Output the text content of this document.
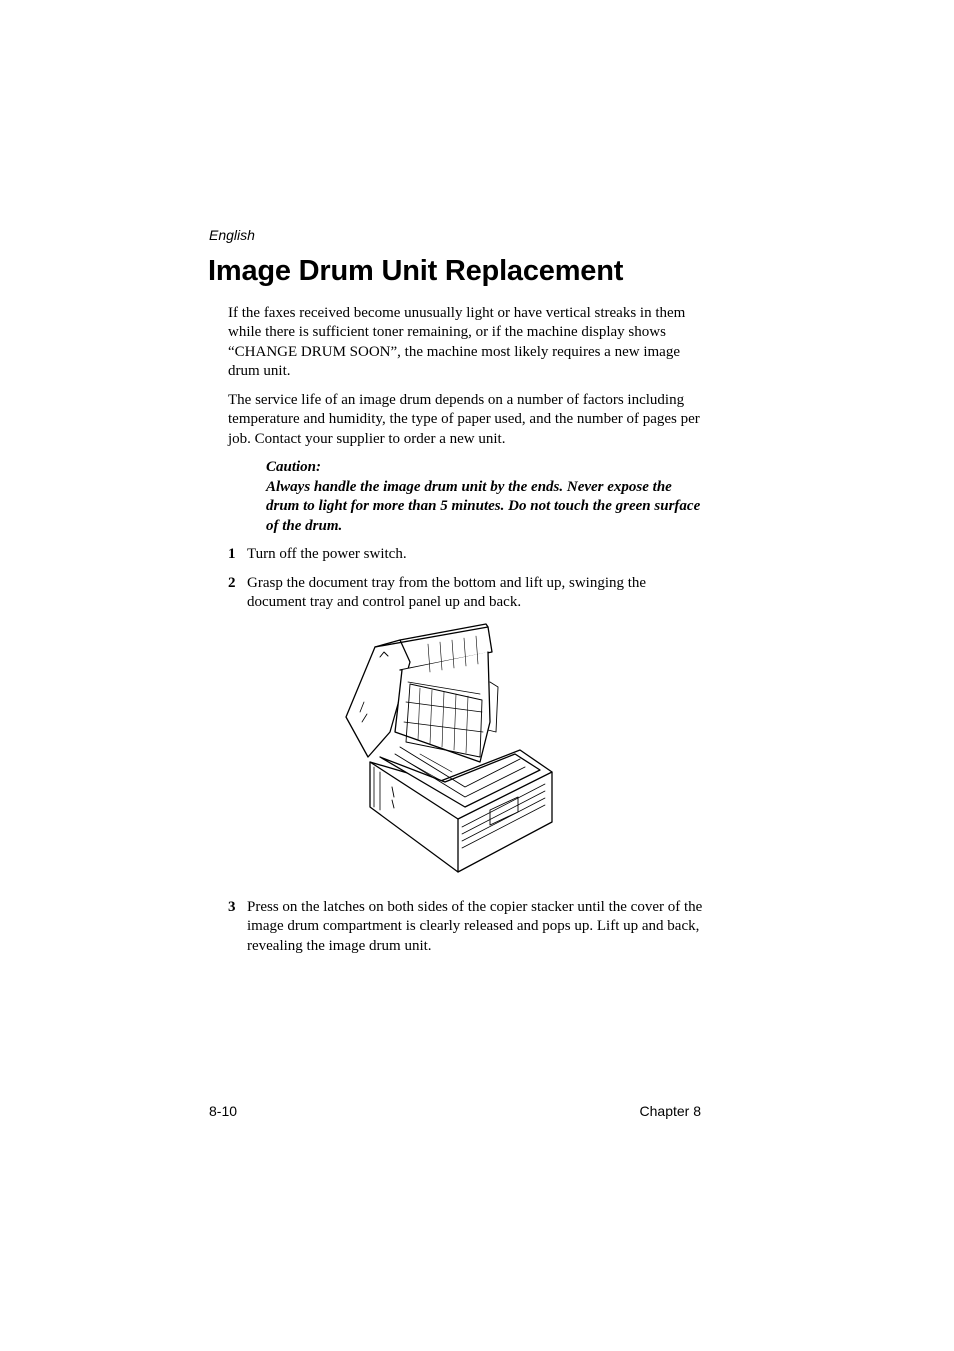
English
Image Drum Unit Replacement

If the faxes received become unusually light or have vertical streaks in them while there is sufficient toner remaining, or if the machine display shows “CHANGE DRUM SOON”, the machine most likely requires a new image drum unit.

The service life of an image drum depends on a number of factors including temperature and humidity, the type of paper used, and the number of pages per job. Contact your supplier to order a new unit.

Caution:

Always handle the image drum unit by the ends. Never expose the drum to light for more than 5 minutes. Do not touch the green surface of the drum.

1 Turn off the power switch.
2 Grasp the document tray from the bottom and lift up, swinging the document tray and control panel up and back.
3 Press on the latches on both sides of the copier stacker until the cover of the image drum compartment is clearly released and pops up. Lift up and back, revealing the image drum unit.
8-10	Chapter 8
